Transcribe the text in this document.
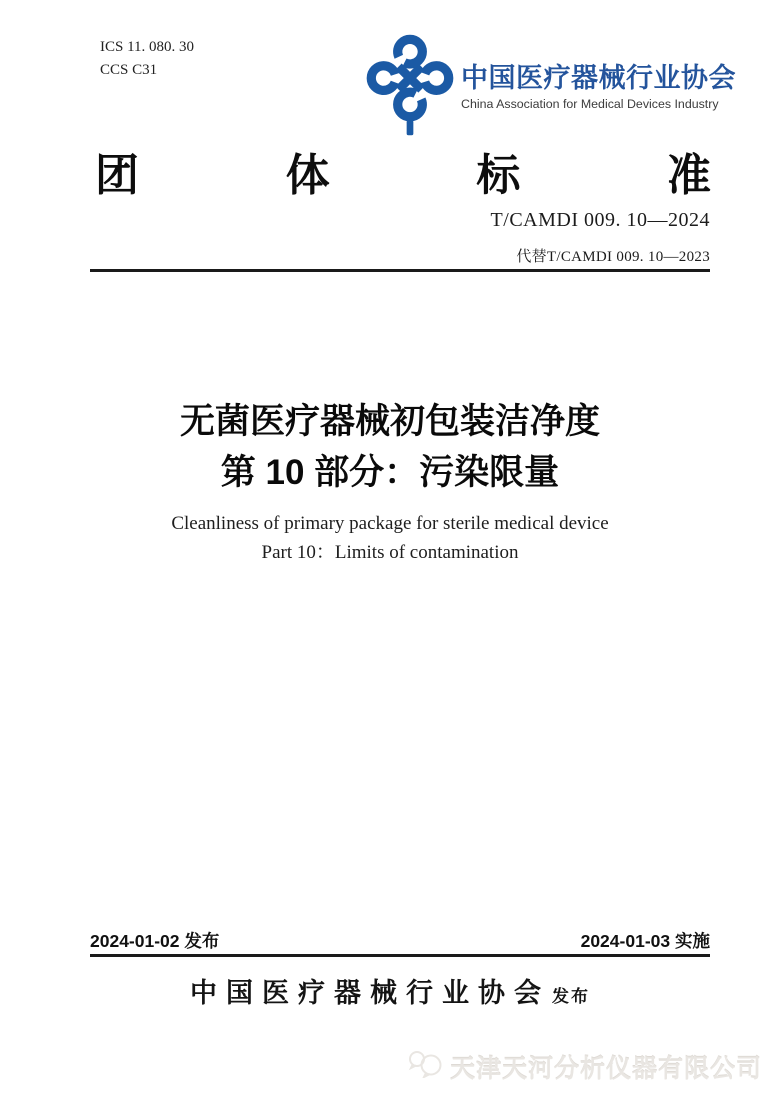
ICS 11. 080. 30
CCS C31	中国医疗器械行业协会
China Association for Medical Devices Industry
团	体	标	准
T/CAMDI 009. 10—2024
代替T/CAMDI 009. 10—2023
无菌医疗器械初包装洁净度
第 10 部分：污染限量
Cleanliness of primary package for sterile medical device
Part 10：Limits of contamination
2024-01-02 发布	2024-01-03 实施
中国医疗器械行业协会 发布
天津天河分析仪器有限公司
